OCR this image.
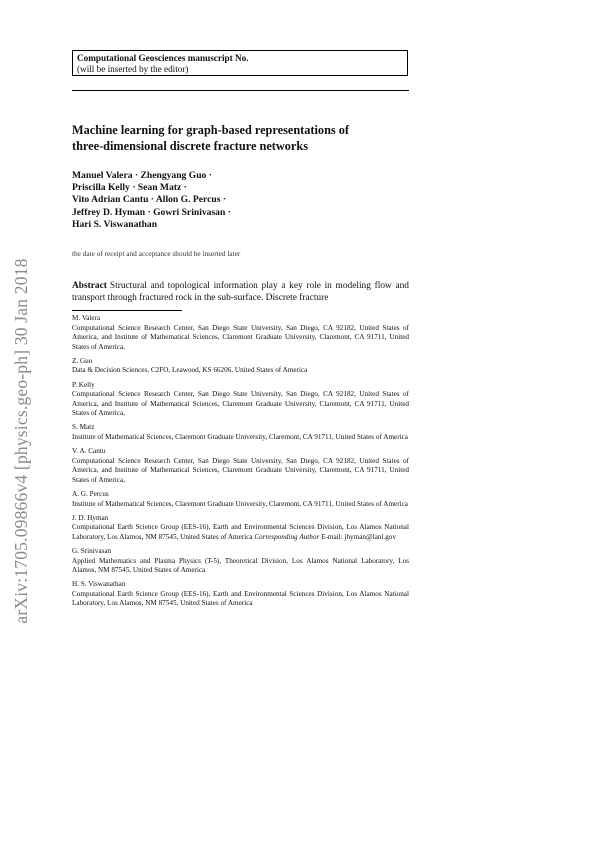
arXiv:1705.09866v4 [physics.geo-ph] 30 Jan 2018
Computational Geosciences manuscript No.
(will be inserted by the editor)
Machine learning for graph-based representations of
three-dimensional discrete fracture networks
Manuel Valera · Zhengyang Guo ·
Priscilla Kelly · Sean Matz ·
Vito Adrian Cantu · Allon G. Percus ·
Jeffrey D. Hyman · Gowri Srinivasan ·
Hari S. Viswanathan
the date of receipt and acceptance should be inserted later
Abstract Structural and topological information play a key role in modeling flow and transport through fractured rock in the sub-surface. Discrete fracture
M. Valera
Computational Science Research Center, San Diego State University, San Diego, CA 92182, United States of America, and Institute of Mathematical Sciences, Claremont Graduate University, Claremont, CA 91711, United States of America,
Z. Guo
Data & Decision Sciences, C2FO, Leawood, KS 66206, United States of America
P. Kelly
Computational Science Research Center, San Diego State University, San Diego, CA 92182, United States of America, and Institute of Mathematical Sciences, Claremont Graduate University, Claremont, CA 91711, United States of America,
S. Matz
Institute of Mathematical Sciences, Claremont Graduate University, Claremont, CA 91711, United States of America
V. A. Cantu
Computational Science Research Center, San Diego State University, San Diego, CA 92182, United States of America, and Institute of Mathematical Sciences, Claremont Graduate University, Claremont, CA 91711, United States of America,
A. G. Percus
Institute of Mathematical Sciences, Claremont Graduate University, Claremont, CA 91711, United States of America
J. D. Hyman
Computational Earth Science Group (EES-16), Earth and Environmental Sciences Division, Los Alamos National Laboratory, Los Alamos, NM 87545, United States of America Corresponding Author E-mail: jhyman@lanl.gov
G. Srinivasan
Applied Mathematics and Plasma Physics (T-5), Theoretical Division, Los Alamos National Laboratory, Los Alamos, NM 87545, United States of America
H. S. Viswanathan
Computational Earth Science Group (EES-16), Earth and Environmental Sciences Division, Los Alamos National Laboratory, Los Alamos, NM 87545, United States of America
